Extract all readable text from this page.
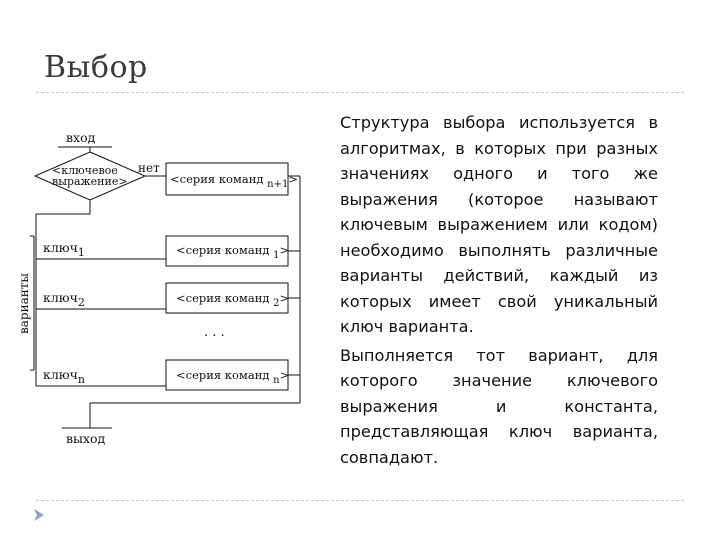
Выбор
вход
<ключевое
выражение>
нет
<серия команд n+1>
варианты
ключ1	<серия команд 1>
ключ2	<серия команд 2>
. . .
ключn	<серия команд n>
выход

Структура выбора используется в алгоритмах, в которых при разных значениях одного и того же выражения (которое называют ключевым выражением или кодом) необходимо выполнять различные варианты действий, каждый из которых имеет свой уникальный ключ варианта.

Выполняется тот вариант, для которого значение ключевого выражения и константа, представляющая ключ варианта, совпадают.
